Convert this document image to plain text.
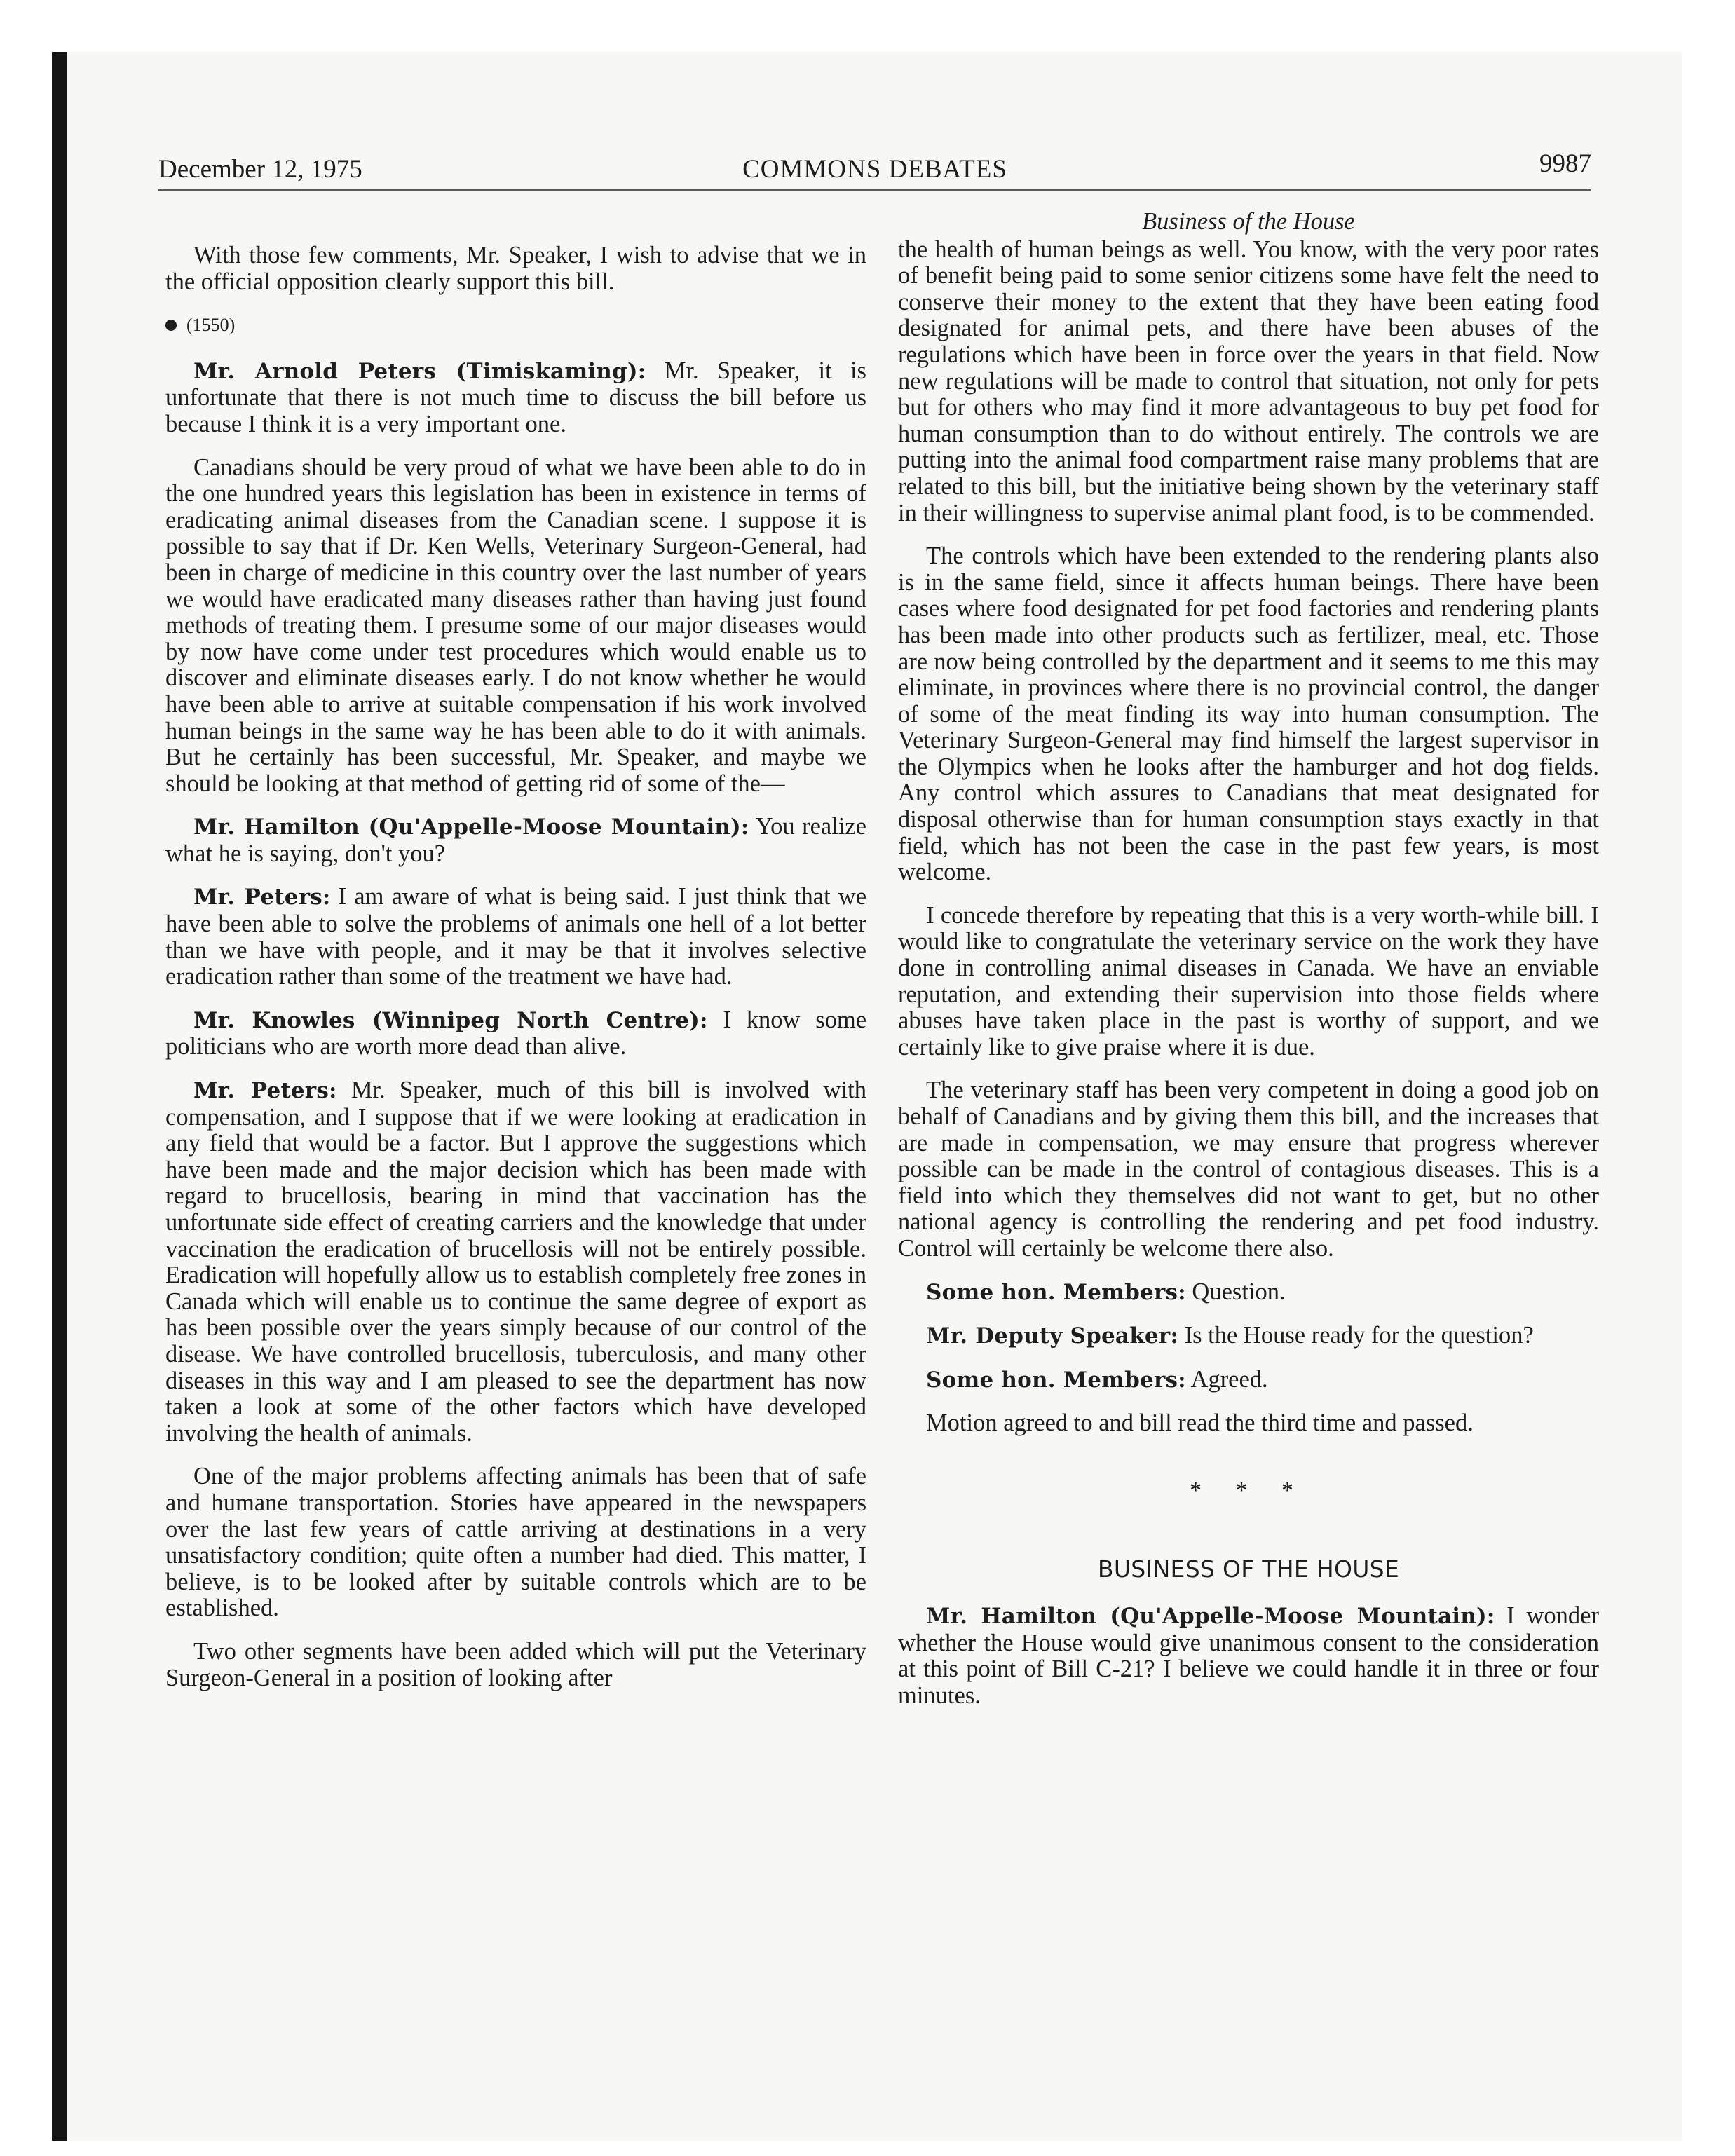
December 12, 1975	COMMONS DEBATES	9987

With those few comments, Mr. Speaker, I wish to advise that we in the official opposition clearly support this bill.

(1550)

Mr. Arnold Peters (Timiskaming): Mr. Speaker, it is unfortunate that there is not much time to discuss the bill before us because I think it is a very important one.

Canadians should be very proud of what we have been able to do in the one hundred years this legislation has been in existence in terms of eradicating animal diseases from the Canadian scene. I suppose it is possible to say that if Dr. Ken Wells, Veterinary Surgeon-General, had been in charge of medicine in this country over the last number of years we would have eradicated many diseases rather than having just found methods of treating them. I presume some of our major diseases would by now have come under test procedures which would enable us to discover and eliminate diseases early. I do not know whether he would have been able to arrive at suitable compensation if his work involved human beings in the same way he has been able to do it with animals. But he certainly has been successful, Mr. Speaker, and maybe we should be looking at that method of getting rid of some of the—

Mr. Hamilton (Qu'Appelle-Moose Mountain): You realize what he is saying, don't you?

Mr. Peters: I am aware of what is being said. I just think that we have been able to solve the problems of animals one hell of a lot better than we have with people, and it may be that it involves selective eradication rather than some of the treatment we have had.

Mr. Knowles (Winnipeg North Centre): I know some politicians who are worth more dead than alive.

Mr. Peters: Mr. Speaker, much of this bill is involved with compensation, and I suppose that if we were looking at eradication in any field that would be a factor. But I approve the suggestions which have been made and the major decision which has been made with regard to brucellosis, bearing in mind that vaccination has the unfortunate side effect of creating carriers and the knowledge that under vaccination the eradication of brucellosis will not be entirely possible. Eradication will hopefully allow us to establish completely free zones in Canada which will enable us to continue the same degree of export as has been possible over the years simply because of our control of the disease. We have controlled brucellosis, tuberculosis, and many other diseases in this way and I am pleased to see the department has now taken a look at some of the other factors which have developed involving the health of animals.

One of the major problems affecting animals has been that of safe and humane transportation. Stories have appeared in the newspapers over the last few years of cattle arriving at destinations in a very unsatisfactory condition; quite often a number had died. This matter, I believe, is to be looked after by suitable controls which are to be established.

Two other segments have been added which will put the Veterinary Surgeon-General in a position of looking after

Business of the House

the health of human beings as well. You know, with the very poor rates of benefit being paid to some senior citizens some have felt the need to conserve their money to the extent that they have been eating food designated for animal pets, and there have been abuses of the regulations which have been in force over the years in that field. Now new regulations will be made to control that situation, not only for pets but for others who may find it more advantageous to buy pet food for human consumption than to do without entirely. The controls we are putting into the animal food compartment raise many problems that are related to this bill, but the initiative being shown by the veterinary staff in their willingness to supervise animal plant food, is to be commended.

The controls which have been extended to the rendering plants also is in the same field, since it affects human beings. There have been cases where food designated for pet food factories and rendering plants has been made into other products such as fertilizer, meal, etc. Those are now being controlled by the department and it seems to me this may eliminate, in provinces where there is no provincial control, the danger of some of the meat finding its way into human consumption. The Veterinary Surgeon-General may find himself the largest supervisor in the Olympics when he looks after the hamburger and hot dog fields. Any control which assures to Canadians that meat designated for disposal otherwise than for human consumption stays exactly in that field, which has not been the case in the past few years, is most welcome.

I concede therefore by repeating that this is a very worth-while bill. I would like to congratulate the veterinary service on the work they have done in controlling animal diseases in Canada. We have an enviable reputation, and extending their supervision into those fields where abuses have taken place in the past is worthy of support, and we certainly like to give praise where it is due.

The veterinary staff has been very competent in doing a good job on behalf of Canadians and by giving them this bill, and the increases that are made in compensation, we may ensure that progress wherever possible can be made in the control of contagious diseases. This is a field into which they themselves did not want to get, but no other national agency is controlling the rendering and pet food industry. Control will certainly be welcome there also.

Some hon. Members: Question.

Mr. Deputy Speaker: Is the House ready for the question?

Some hon. Members: Agreed.

Motion agreed to and bill read the third time and passed.

* * *
BUSINESS OF THE HOUSE

Mr. Hamilton (Qu'Appelle-Moose Mountain): I wonder whether the House would give unanimous consent to the consideration at this point of Bill C-21? I believe we could handle it in three or four minutes.
